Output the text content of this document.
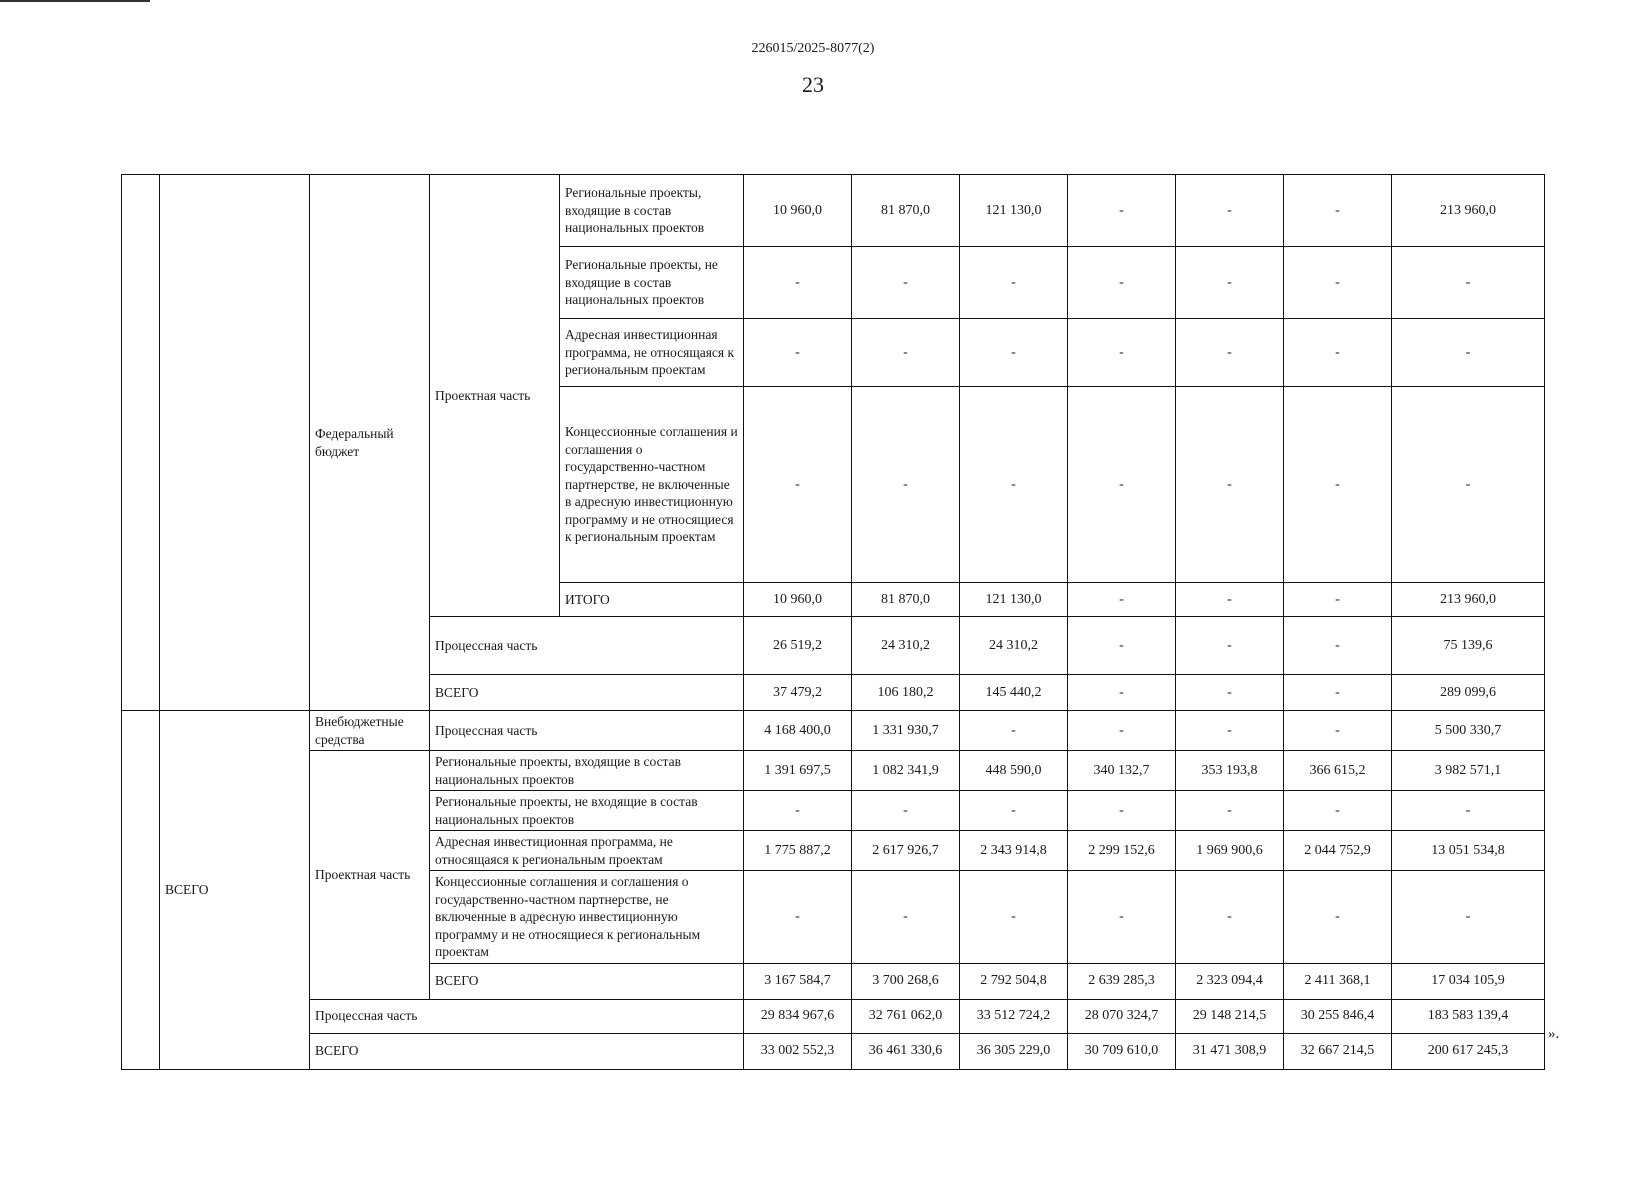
226015/2025-8077(2)
23
		Федеральный бюджет	Проектная часть	Региональные проекты, входящие в состав национальных проектов	10 960,0	81 870,0	121 130,0	-	-	-	213 960,0
				Региональные проекты, не входящие в состав национальных проектов	-	-	-	-	-	-	-
				Адресная инвестиционная программа, не относящаяся к региональным проектам	-	-	-	-	-	-	-
				Концессионные соглашения и соглашения о государственно-частном партнерстве, не включенные в адресную инвестиционную программу и не относящиеся к региональным проектам	-	-	-	-	-	-	-
				ИТОГО	10 960,0	81 870,0	121 130,0	-	-	-	213 960,0
			Процессная часть		26 519,2	24 310,2	24 310,2	-	-	-	75 139,6
			ВСЕГО		37 479,2	106 180,2	145 440,2	-	-	-	289 099,6
	ВСЕГО	Внебюджетные средства	Процессная часть		4 168 400,0	1 331 930,7	-	-	-	-	5 500 330,7
		Проектная часть	Региональные проекты, входящие в состав национальных проектов		1 391 697,5	1 082 341,9	448 590,0	340 132,7	353 193,8	366 615,2	3 982 571,1
			Региональные проекты, не входящие в состав национальных проектов		-	-	-	-	-	-	-
			Адресная инвестиционная программа, не относящаяся к региональным проектам		1 775 887,2	2 617 926,7	2 343 914,8	2 299 152,6	1 969 900,6	2 044 752,9	13 051 534,8
			Концессионные соглашения и соглашения о государственно-частном партнерстве, не включенные в адресную инвестиционную программу и не относящиеся к региональным проектам		-	-	-	-	-	-	-
			ВСЕГО		3 167 584,7	3 700 268,6	2 792 504,8	2 639 285,3	2 323 094,4	2 411 368,1	17 034 105,9
		Процессная часть			29 834 967,6	32 761 062,0	33 512 724,2	28 070 324,7	29 148 214,5	30 255 846,4	183 583 139,4
		ВСЕГО			33 002 552,3	36 461 330,6	36 305 229,0	30 709 610,0	31 471 308,9	32 667 214,5	200 617 245,3
».
